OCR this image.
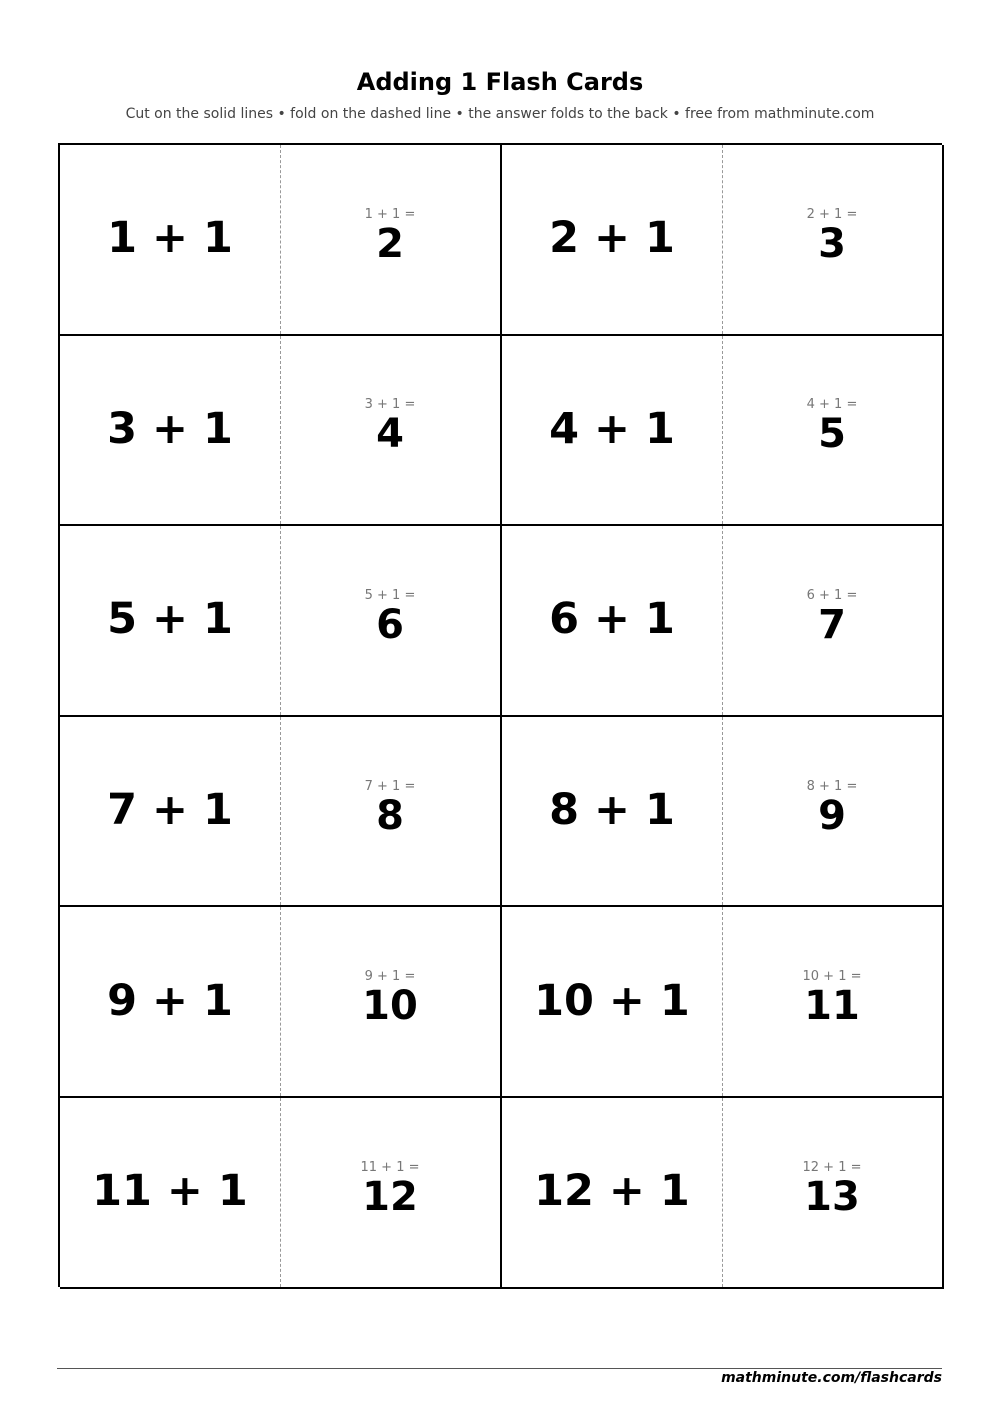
Adding 1 Flash Cards
Cut on the solid lines • fold on the dashed line • the answer folds to the back • free from mathminute.com
1 + 1	1 + 1 =
2	2 + 1	2 + 1 =
3
3 + 1	3 + 1 =
4	4 + 1	4 + 1 =
5
5 + 1	5 + 1 =
6	6 + 1	6 + 1 =
7
7 + 1	7 + 1 =
8	8 + 1	8 + 1 =
9
9 + 1	9 + 1 =
10	10 + 1	10 + 1 =
11
11 + 1	11 + 1 =
12	12 + 1	12 + 1 =
13
mathminute.com/flashcards
